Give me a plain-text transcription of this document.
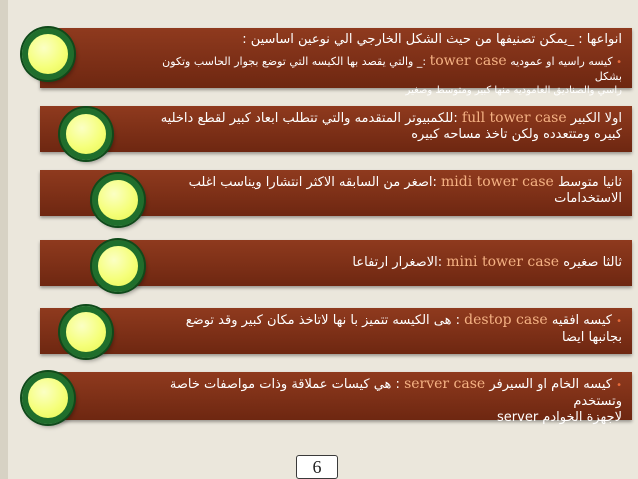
انواعها : _يمكن تصنيفها من حيث الشكل الخارجي الي نوعين اساسين :
• كيسه راسيه او عموديه tower case :_ والتي يقصد بها الكيسه التي توضع بجوار الحاسب وتكون بشكل
راسي والصناديق العاموديه منها كبير ومتوسط وصغير
اولا الكبير full tower case :للكمبيوتر المتقدمه والتي تتطلب ابعاد كبير لقطع داخليه
كبيره ومتتعدده ولكن تاخذ مساحه كبيره
ثانيا متوسط midi tower case :اصغر من السابقه الاكثر انتشارا ويناسب اغلب
الاستخدامات
ثالثا صغيره mini tower case :الاصغرار ارتفاعا
• كيسه افقيه destop case : هى الكيسه تتميز با نها لاتاخذ مكان كبير وقد توضع
بجانبها ايضا
• كيسه الخام او السيرفر server case : هي كيسات عملاقة وذات مواصفات خاصة وتستخدم
لاجهزة الخوادم server
6
